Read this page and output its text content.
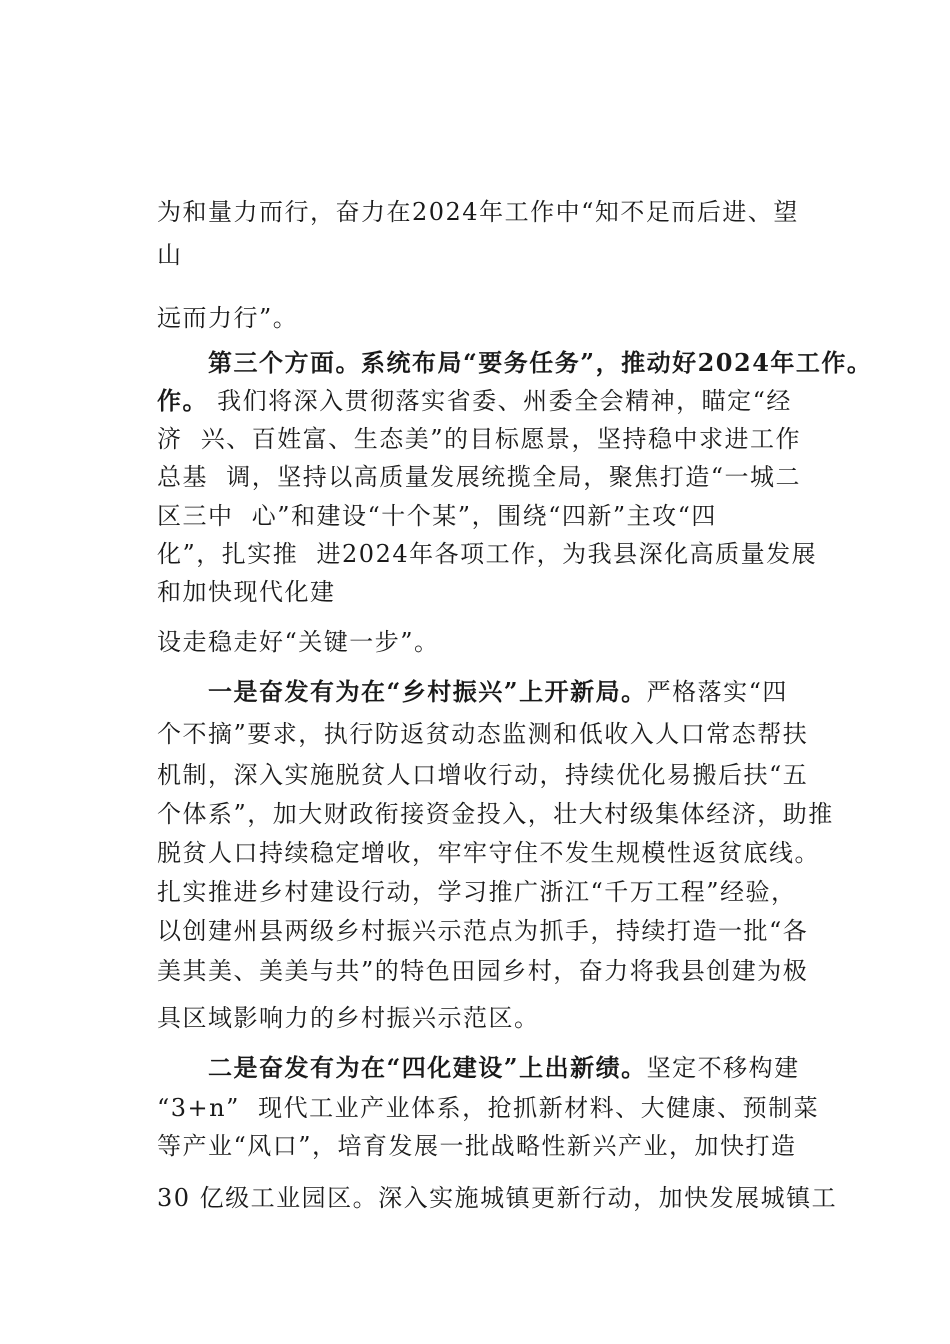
为和量力而行，奋力在2024年工作中“知不足而后进、望
山
远而力行”。
第三个方面。系统布局“要务任务”，推动好2024年工作。
作。 我们将深入贯彻落实省委、州委全会精神，瞄定“经
济  兴、百姓富、生态美”的目标愿景，坚持稳中求进工作
总基  调，坚持以高质量发展统揽全局，聚焦打造“一城二
区三中  心”和建设“十个某”，围绕“四新”主攻“四
化”，扎实推  进2024年各项工作，为我县深化高质量发展
和加快现代化建
设走稳走好“关键一步”。
一是奋发有为在“乡村振兴”上开新局。严格落实“四
个不摘”要求，执行防返贫动态监测和低收入人口常态帮扶
机制，深入实施脱贫人口增收行动，持续优化易搬后扶“五
个体系”，加大财政衔接资金投入，壮大村级集体经济，助推
脱贫人口持续稳定增收，牢牢守住不发生规模性返贫底线。
扎实推进乡村建设行动，学习推广浙江“千万工程”经验，
以创建州县两级乡村振兴示范点为抓手，持续打造一批“各
美其美、美美与共”的特色田园乡村，奋力将我县创建为极
具区域影响力的乡村振兴示范区。
二是奋发有为在“四化建设”上出新绩。坚定不移构建
“3+n”  现代工业产业体系，抢抓新材料、大健康、预制菜
等产业“风口”，培育发展一批战略性新兴产业，加快打造
30 亿级工业园区。深入实施城镇更新行动，加快发展城镇工
